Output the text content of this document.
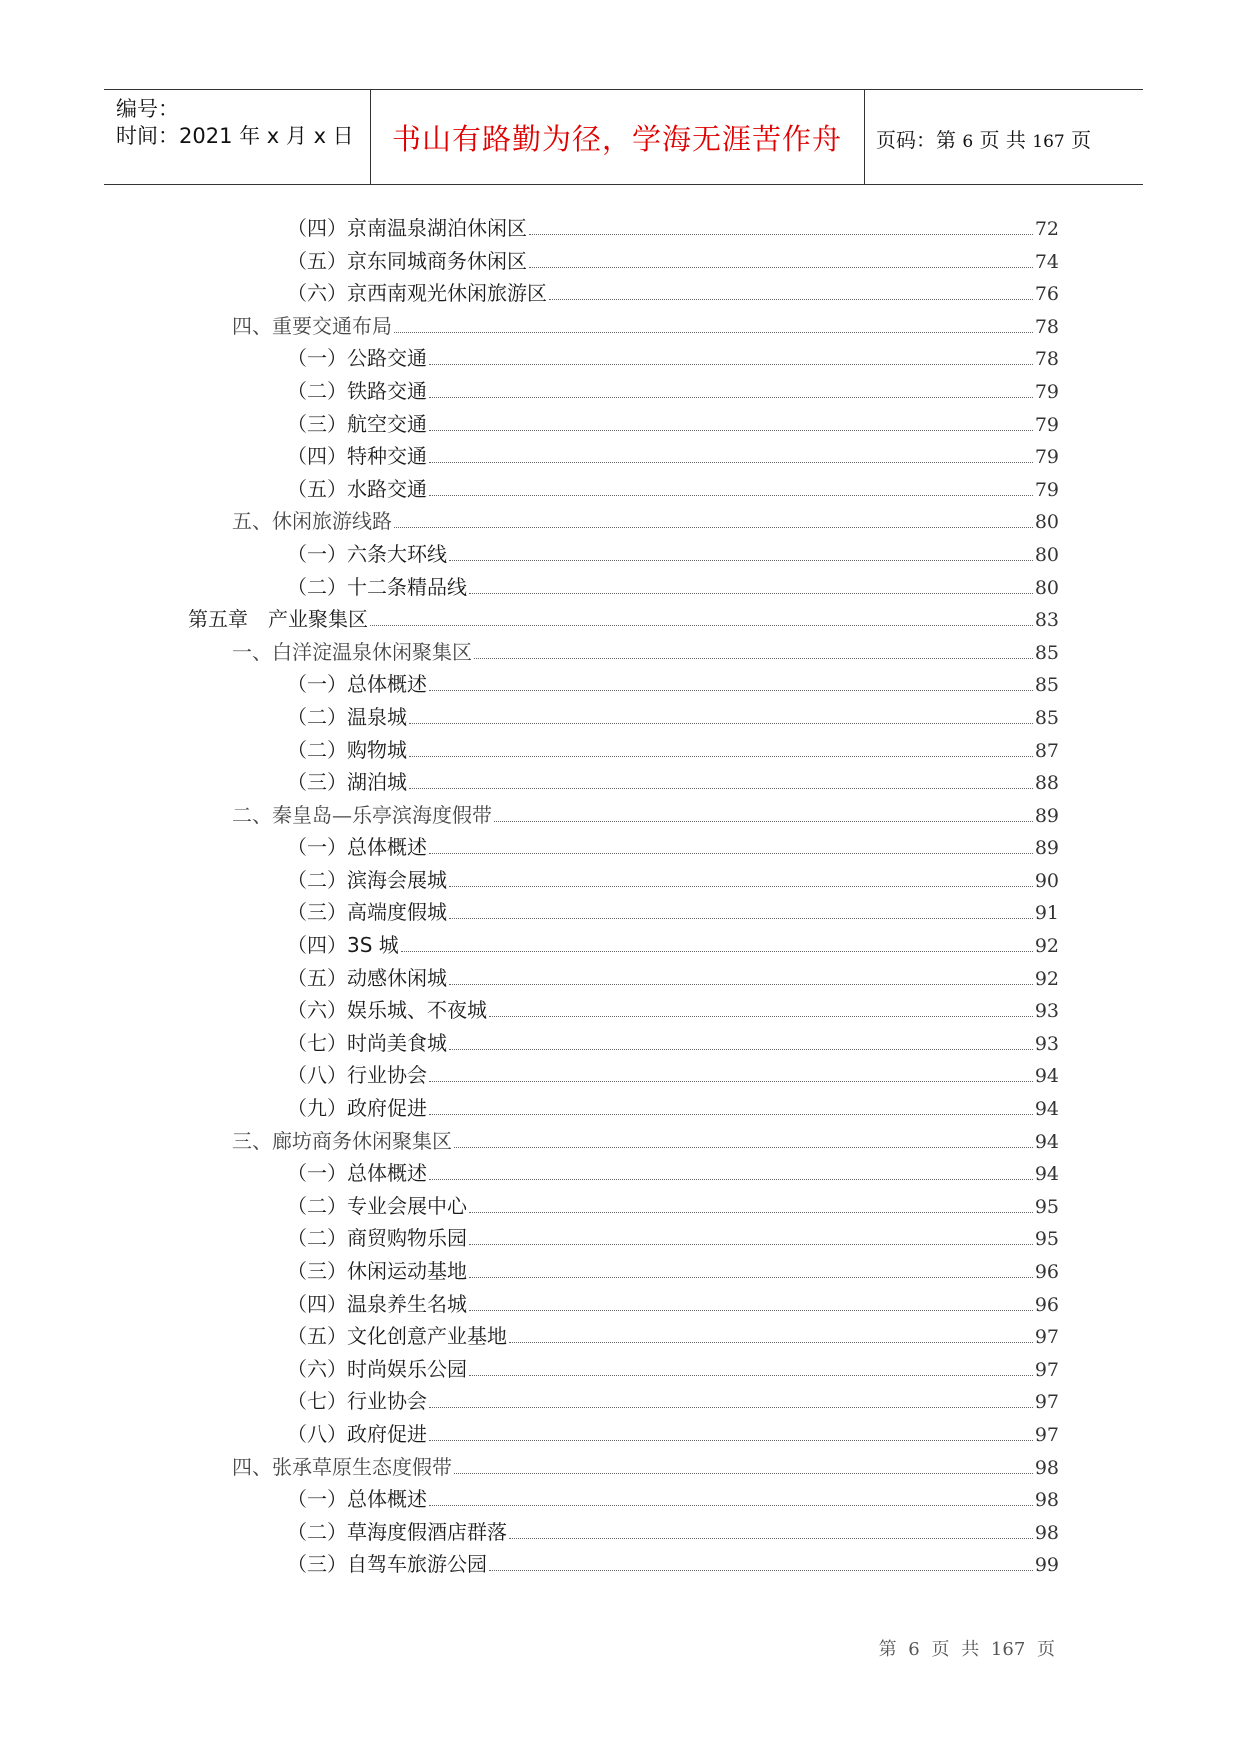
编号：
时间：2021 年 x 月 x 日	书山有路勤为径，学海无涯苦作舟	页码：第 6 页 共 167 页
（四）京南温泉湖泊休闲区	72
（五）京东同城商务休闲区	74
（六）京西南观光休闲旅游区	76
四、重要交通布局	78
（一）公路交通	78
（二）铁路交通	79
（三）航空交通	79
（四）特种交通	79
（五）水路交通	79
五、休闲旅游线路	80
（一）六条大环线	80
（二）十二条精品线	80
第五章　产业聚集区	83
一、白洋淀温泉休闲聚集区	85
（一）总体概述	85
（二）温泉城	85
（二）购物城	87
（三）湖泊城	88
二、秦皇岛—乐亭滨海度假带	89
（一）总体概述	89
（二）滨海会展城	90
（三）高端度假城	91
（四）3S 城	92
（五）动感休闲城	92
（六）娱乐城、不夜城	93
（七）时尚美食城	93
（八）行业协会	94
（九）政府促进	94
三、廊坊商务休闲聚集区	94
（一）总体概述	94
（二）专业会展中心	95
（二）商贸购物乐园	95
（三）休闲运动基地	96
（四）温泉养生名城	96
（五）文化创意产业基地	97
（六）时尚娱乐公园	97
（七）行业协会	97
（八）政府促进	97
四、张承草原生态度假带	98
（一）总体概述	98
（二）草海度假酒店群落	98
（三）自驾车旅游公园	99
第 6 页 共 167 页
